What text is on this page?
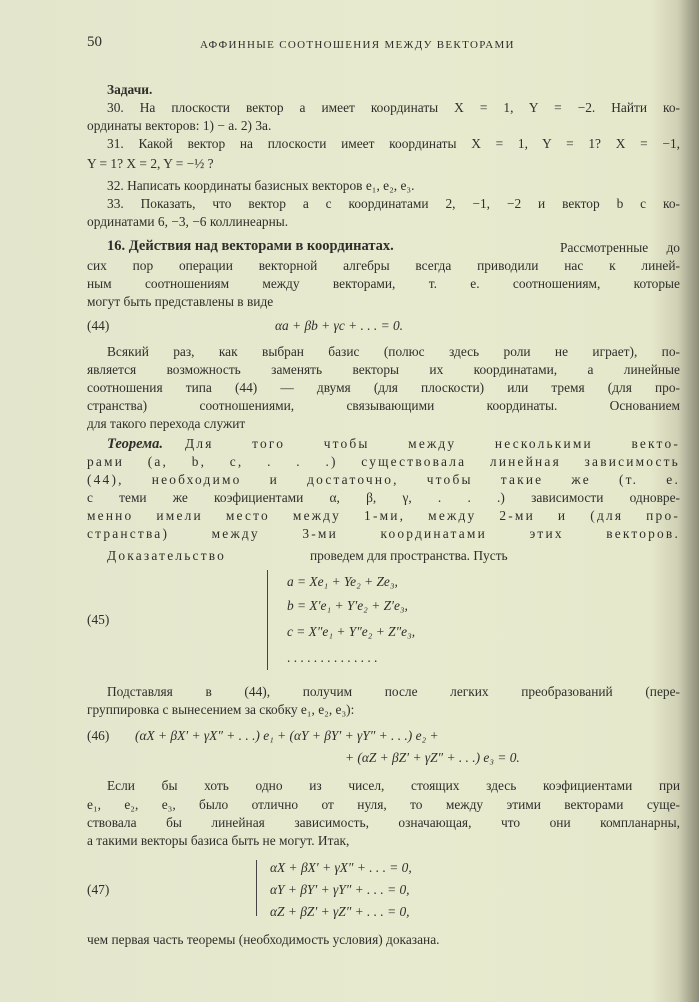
50	АФФИННЫЕ СООТНОШЕНИЯ МЕЖДУ ВЕКТОРАМИ
Задачи.
30. На плоскости вектор a имеет координаты X = 1, Y = −2. Найти ко-
ординаты векторов: 1) − a. 2) 3a.
31. Какой вектор на плоскости имеет координаты X = 1, Y = 1? X = −1,
Y = 1? X = 2, Y = −½ ?
32. Написать координаты базисных векторов e₁, e₂, e₃.
33. Показать, что вектор a с координатами 2, −1, −2 и вектор b с ко-
ординатами 6, −3, −6 коллинеарны.
16. Действия над векторами в координатах.	Рассмотренные до
сих пор операции векторной алгебры всегда приводили нас к линей-
ным соотношениям между векторами, т. е. соотношениям, которые
могут быть представлены в виде
(44)	αa + βb + γc + . . . = 0.
Всякий раз, как выбран базис (полюс здесь роли не играет), по-
является возможность заменять векторы их координатами, а линейные
соотношения типа (44) — двумя (для плоскости) или тремя (для про-
странства) соотношениями, связывающими координаты. Основанием
для такого перехода служит
Теорема. Для того чтобы между несколькими векто-
рами (a, b, c, . . .) существовала линейная зависимость
(44), необходимо и достаточно, чтобы такие же (т. е.
с теми же коэфициентами α, β, γ, . . .) зависимости одновре-
менно имели место между 1-ми, между 2-ми и (для про-
странства) между 3-ми координатами этих векторов.
Доказательство	проведем для пространства. Пусть
(45)
a = Xe₁ + Ye₂ + Ze₃,
b = X′e₁ + Y′e₂ + Z′e₃,
c = X″e₁ + Y″e₂ + Z″e₃,
. . . . . . . . . . . . . .
Подставляя в (44), получим после легких преобразований (пере-
группировка с вынесением за скобку e₁, e₂, e₃):
(46) (αX + βX′ + γX″ + . . .) e₁ + (αY + βY′ + γY″ + . . .) e₂ +
+ (αZ + βZ′ + γZ″ + . . .) e₃ = 0.
Если бы хоть одно из чисел, стоящих здесь коэфициентами при
e₁, e₂, e₃, было отлично от нуля, то между этими векторами суще-
ствовала бы линейная зависимость, означающая, что они компланарны,
а такими векторы базиса быть не могут. Итак,
(47)
αX + βX′ + γX″ + . . . = 0,
αY + βY′ + γY″ + . . . = 0,
αZ + βZ′ + γZ″ + . . . = 0,
чем первая часть теоремы (необходимость условия) доказана.
